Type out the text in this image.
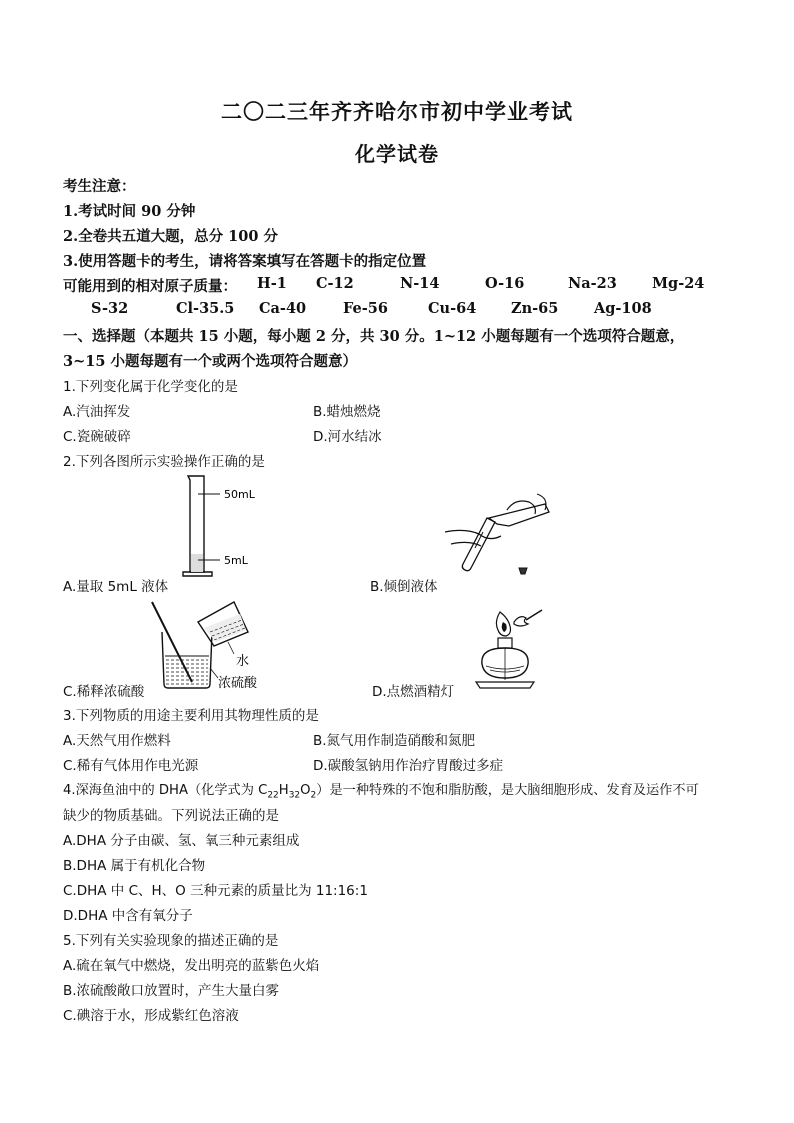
二〇二三年齐齐哈尔市初中学业考试
化学试卷
考生注意：
1.考试时间 90 分钟
2.全卷共五道大题，总分 100 分
3.使用答题卡的考生，请将答案填写在答题卡的指定位置
可能用到的相对原子质量： H-1 C-12	N-14	O-16	Na-23 Mg-24
S-32	Cl-35.5 Ca-40	Fe-56	Cu-64 Zn-65 Ag-108
一、选择题（本题共 15 小题，每小题 2 分，共 30 分。1~12 小题每题有一个选项符合题意，
3~15 小题每题有一个或两个选项符合题意）
1.下列变化属于化学变化的是
A.汽油挥发	B.蜡烛燃烧
C.瓷碗破碎	D.河水结冰
2.下列各图所示实验操作正确的是
50mL
5mL
A.量取 5mL 液体	B.倾倒液体
水
浓硫酸
C.稀释浓硫酸	D.点燃酒精灯
3.下列物质的用途主要利用其物理性质的是
A.天然气用作燃料	B.氮气用作制造硝酸和氮肥
C.稀有气体用作电光源	D.碳酸氢钠用作治疗胃酸过多症
4.深海鱼油中的 DHA（化学式为 $C_{22}H_{32}O_2$）是一种特殊的不饱和脂肪酸，是大脑细胞形成、发育及运作不可
缺少的物质基础。下列说法正确的是
A.DHA 分子由碳、氢、氧三种元素组成
B.DHA 属于有机化合物
C.DHA 中 C、H、O 三种元素的质量比为 11:16:1
D.DHA 中含有氧分子
5.下列有关实验现象的描述正确的是
A.硫在氧气中燃烧，发出明亮的蓝紫色火焰
B.浓硫酸敞口放置时，产生大量白雾
C.碘溶于水，形成紫红色溶液
